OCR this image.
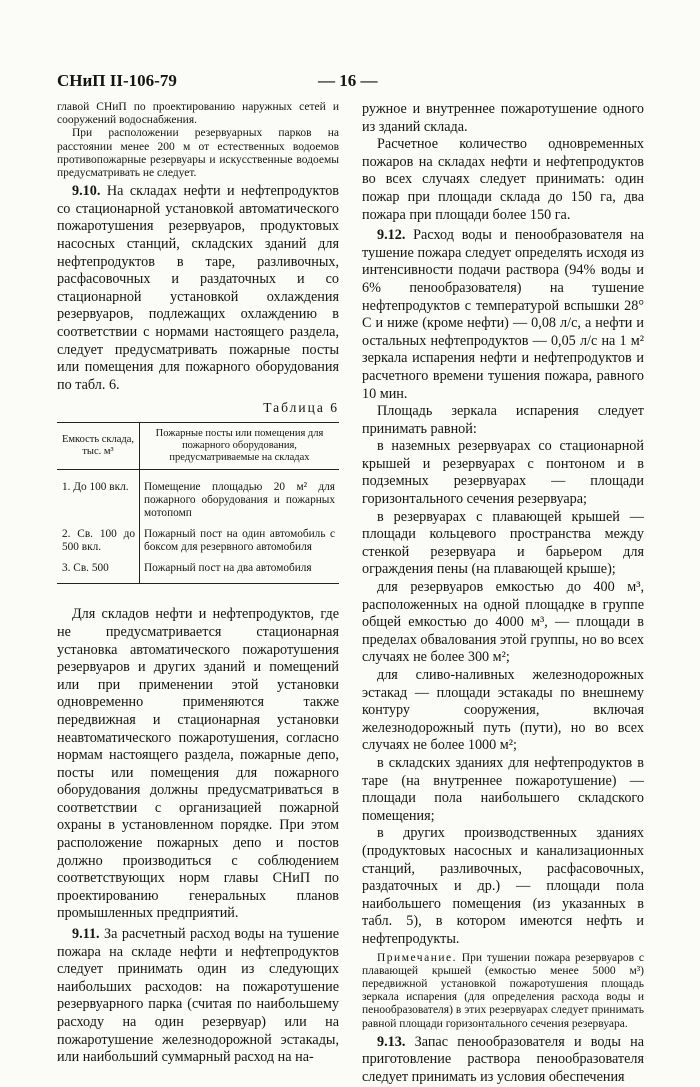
СНиП II-106-79	— 16 —

главой СНиП по проектированию наружных сетей и сооружений водоснабжения.

При расположении резервуарных парков на расстоянии менее 200 м от естественных водоемов противопожарные резервуары и искусственные водоемы предусматривать не следует.

9.10. На складах нефти и нефтепродуктов со стационарной установкой автоматического пожаротушения резервуаров, продуктовых насосных станций, складских зданий для нефтепродуктов в таре, разливочных, расфасовочных и раздаточных и со стационарной установкой охлаждения резервуаров, подлежащих охлаждению в соответствии с нормами настоящего раздела, следует предусматривать пожарные посты или помещения для пожарного оборудования по табл. 6.

Таблица 6
Емкость склада, тыс. м³	Пожарные посты или помещения для пожарного оборудования, предусматриваемые на складах
1. До 100 вкл.	Помещение площадью 20 м² для пожарного оборудования и пожарных мотопомп
2. Св. 100 до 500 вкл.	Пожарный пост на один автомобиль с боксом для резервного автомобиля
3. Св. 500	Пожарный пост на два автомобиля

Для складов нефти и нефтепродуктов, где не предусматривается стационарная установка автоматического пожаротушения резервуаров и других зданий и помещений или при применении этой установки одновременно применяются также передвижная и стационарная установки неавтоматического пожаротушения, согласно нормам настоящего раздела, пожарные депо, посты или помещения для пожарного оборудования должны предусматриваться в соответствии с организацией пожарной охраны в установленном порядке. При этом расположение пожарных депо и постов должно производиться с соблюдением соответствующих норм главы СНиП по проектированию генеральных планов промышленных предприятий.

9.11. За расчетный расход воды на тушение пожара на складе нефти и нефтепродуктов следует принимать один из следующих наибольших расходов: на пожаротушение резервуарного парка (считая по наибольшему расходу на один резервуар) или на пожаротушение железнодорожной эстакады, или наибольший суммарный расход на на-

ружное и внутреннее пожаротушение одного из зданий склада.

Расчетное количество одновременных пожаров на складах нефти и нефтепродуктов во всех случаях следует принимать: один пожар при площади склада до 150 га, два пожара при площади более 150 га.

9.12. Расход воды и пенообразователя на тушение пожара следует определять исходя из интенсивности подачи раствора (94% воды и 6% пенообразователя) на тушение нефтепродуктов с температурой вспышки 28° С и ниже (кроме нефти) — 0,08 л/с, а нефти и остальных нефтепродуктов — 0,05 л/с на 1 м² зеркала испарения нефти и нефтепродуктов и расчетного времени тушения пожара, равного 10 мин.

Площадь зеркала испарения следует принимать равной:

в наземных резервуарах со стационарной крышей и резервуарах с понтоном и в подземных резервуарах — площади горизонтального сечения резервуара;

в резервуарах с плавающей крышей — площади кольцевого пространства между стенкой резервуара и барьером для ограждения пены (на плавающей крыше);

для резервуаров емкостью до 400 м³, расположенных на одной площадке в группе общей емкостью до 4000 м³, — площади в пределах обвалования этой группы, но во всех случаях не более 300 м²;

для сливо-наливных железнодорожных эстакад — площади эстакады по внешнему контуру сооружения, включая железнодорожный путь (пути), но во всех случаях не более 1000 м²;

в складских зданиях для нефтепродуктов в таре (на внутреннее пожаротушение) — площади пола наибольшего складского помещения;

в других производственных зданиях (продуктовых насосных и канализационных станций, разливочных, расфасовочных, раздаточных и др.) — площади пола наибольшего помещения (из указанных в табл. 5), в котором имеются нефть и нефтепродукты.

Примечание. При тушении пожара резервуаров с плавающей крышей (емкостью менее 5000 м³) передвижной установкой пожаротушения площадь зеркала испарения (для определения расхода воды и пенообразователя) в этих резервуарах следует принимать равной площади горизонтального сечения резервуара.

9.13. Запас пенообразователя и воды на приготовление раствора пенообразователя следует принимать из условия обеспечения
